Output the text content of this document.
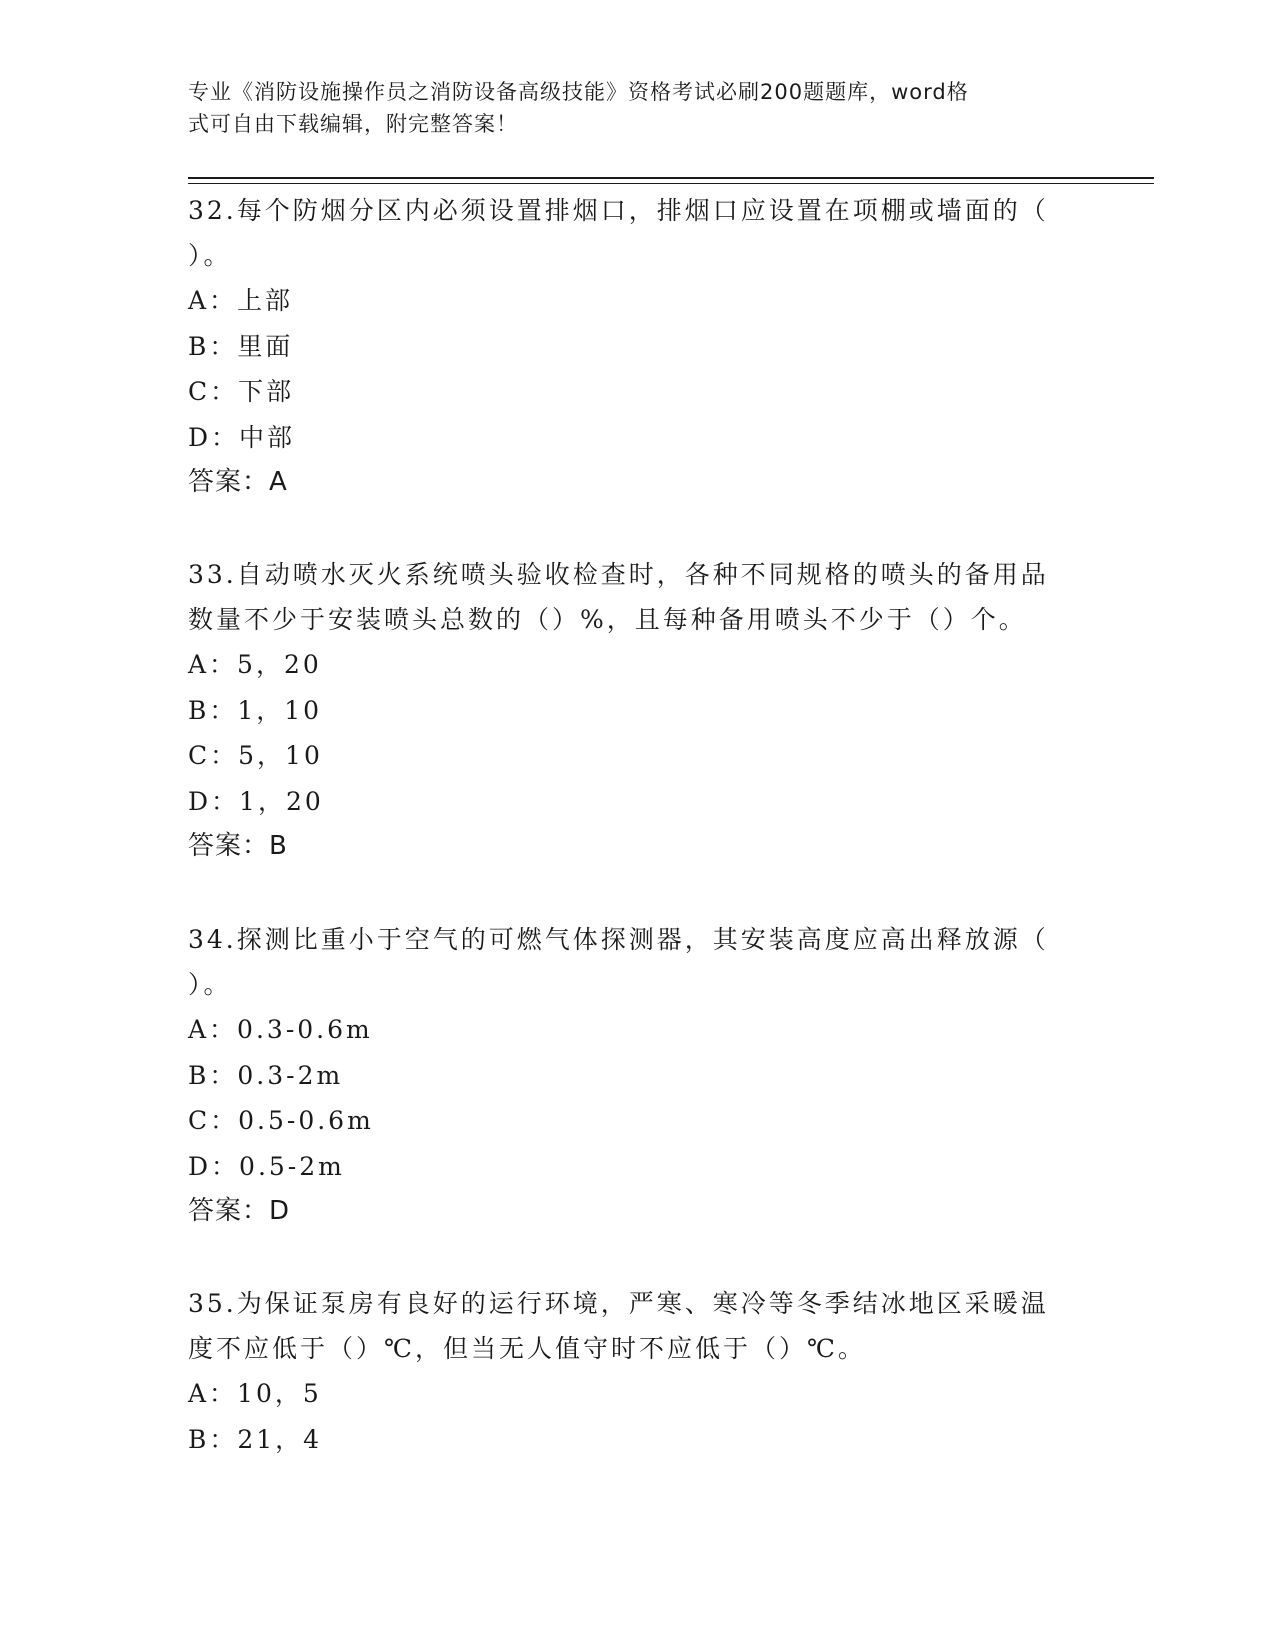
专业《消防设施操作员之消防设备高级技能》资格考试必刷200题题库，word格

式可自由下载编辑，附完整答案！

32.每个防烟分区内必须设置排烟口，排烟口应设置在项棚或墙面的（

）。

A：上部

B：里面

C：下部

D：中部

答案：A

33.自动喷水灭火系统喷头验收检查时，各种不同规格的喷头的备用品

数量不少于安装喷头总数的（）%，且每种备用喷头不少于（）个。

A：5，20

B：1，10

C：5，10

D：1，20

答案：B

34.探测比重小于空气的可燃气体探测器，其安装高度应高出释放源（

）。

A：0.3-0.6m

B：0.3-2m

C：0.5-0.6m

D：0.5-2m

答案：D

35.为保证泵房有良好的运行环境，严寒、寒冷等冬季结冰地区采暖温

度不应低于（）℃，但当无人值守时不应低于（）℃。

A：10，5

B：21，4
